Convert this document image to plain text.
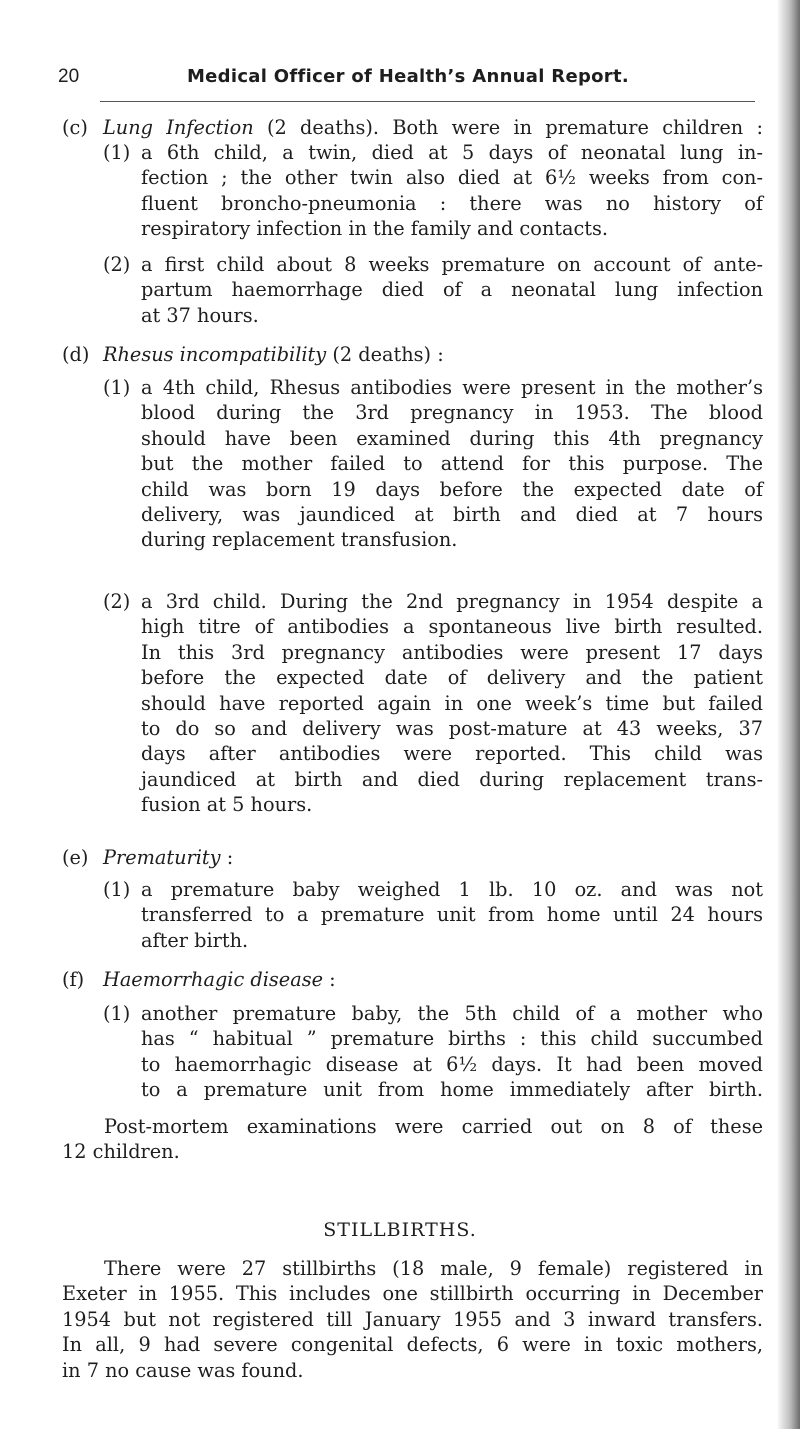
20	Medical Officer of Health’s Annual Report.
(c) Lung Infection (2 deaths). Both were in premature children :
(1) a 6th child, a twin, died at 5 days of neonatal lung in-
fection ; the other twin also died at 6½ weeks from con-
fluent broncho-pneumonia : there was no history of
respiratory infection in the family and contacts.
(2) a first child about 8 weeks premature on account of ante-
partum haemorrhage died of a neonatal lung infection
at 37 hours.
(d) Rhesus incompatibility (2 deaths) :
(1) a 4th child, Rhesus antibodies were present in the mother’s
blood during the 3rd pregnancy in 1953. The blood
should have been examined during this 4th pregnancy
but the mother failed to attend for this purpose. The
child was born 19 days before the expected date of
delivery, was jaundiced at birth and died at 7 hours
during replacement transfusion.
(2) a 3rd child. During the 2nd pregnancy in 1954 despite a
high titre of antibodies a spontaneous live birth resulted.
In this 3rd pregnancy antibodies were present 17 days
before the expected date of delivery and the patient
should have reported again in one week’s time but failed
to do so and delivery was post-mature at 43 weeks, 37
days after antibodies were reported. This child was
jaundiced at birth and died during replacement trans-
fusion at 5 hours.
(e) Prematurity :
(1) a premature baby weighed 1 lb. 10 oz. and was not
transferred to a premature unit from home until 24 hours
after birth.
(f) Haemorrhagic disease :
(1) another premature baby, the 5th child of a mother who
has “ habitual ” premature births : this child succumbed
to haemorrhagic disease at 6½ days. It had been moved
to a premature unit from home immediately after birth.
Post-mortem examinations were carried out on 8 of these
12 children.
STILLBIRTHS.
There were 27 stillbirths (18 male, 9 female) registered in
Exeter in 1955. This includes one stillbirth occurring in December
1954 but not registered till January 1955 and 3 inward transfers.
In all, 9 had severe congenital defects, 6 were in toxic mothers,
in 7 no cause was found.
